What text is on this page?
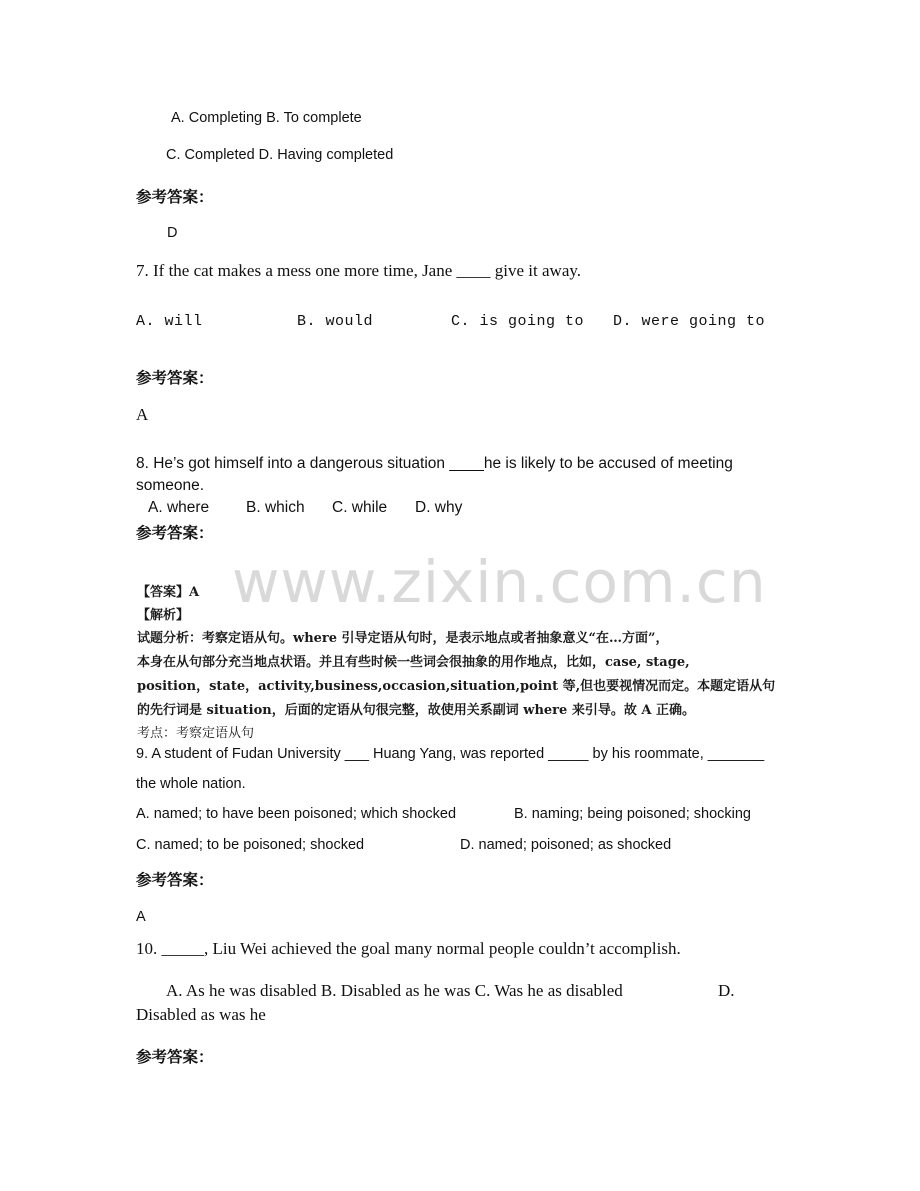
www.zixin.com.cn
A. Completing B. To complete
C. Completed D. Having completed
参考答案：
D
7. If the cat makes a mess one more time, Jane ____ give it away.
A. will	B. would	C. is going to D. were going to
参考答案：
A
8. He’s got himself into a dangerous situation ____he is likely to be accused of meeting
someone.
A. where B. which C. while D. why
参考答案：
【答案】A
【解析】
试题分析：考察定语从句。where 引导定语从句时，是表示地点或者抽象意义“在…方面”，
本身在从句部分充当地点状语。并且有些时候一些词会很抽象的用作地点，比如，case, stage,
position，state，activity,business,occasion,situation,point 等,但也要视情况而定。本题定语从句
的先行词是 situation，后面的定语从句很完整，故使用关系副词 where 来引导。故 A 正确。
考点：考察定语从句
9. A student of Fudan University ___ Huang Yang, was reported _____ by his roommate, _______
the whole nation.
A. named; to have been poisoned; which shocked	B. naming; being poisoned; shocking
C. named; to be poisoned; shocked	D. named; poisoned; as shocked
参考答案：
A
10. _____, Liu Wei achieved the goal many normal people couldn’t accomplish.
A. As he was disabled B. Disabled as he was C. Was he as disabled	D.
Disabled as was he
参考答案：
